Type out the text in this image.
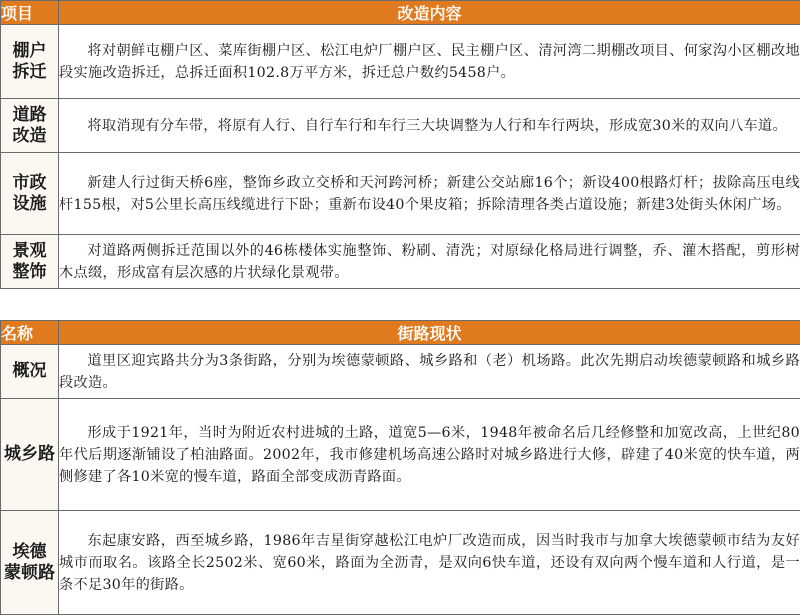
项目	改造内容

棚户
拆迁	将对朝鲜屯棚户区、菜库街棚户区、松江电炉厂棚户区、民主棚户区、清河湾二期棚改项目、何家沟小区棚改地段实施改造拆迁，总拆迁面积102.8万平方米，拆迁总户数约5458户。

道路
改造	将取消现有分车带，将原有人行、自行车行和车行三大块调整为人行和车行两块，形成宽30米的双向八车道。

市政
设施	新建人行过街天桥6座，整饰乡政立交桥和天河跨河桥；新建公交站廊16个；新设400根路灯杆；拔除高压电线杆155根，对5公里长高压线缆进行下卧；重新布设40个果皮箱；拆除清理各类占道设施；新建3处街头休闲广场。

景观
整饰	对道路两侧拆迁范围以外的46栋楼体实施整饰、粉刷、清洗；对原绿化格局进行调整，乔、灌木搭配，剪形树木点缀，形成富有层次感的片状绿化景观带。
名称	街路现状

概况	道里区迎宾路共分为3条街路，分别为埃德蒙顿路、城乡路和（老）机场路。此次先期启动埃德蒙顿路和城乡路段改造。

城乡路	形成于1921年，当时为附近农村进城的土路，道宽5—6米，1948年被命名后几经修整和加宽改高，上世纪80年代后期逐渐铺设了柏油路面。2002年，我市修建机场高速公路时对城乡路进行大修，辟建了40米宽的快车道，两侧修建了各10米宽的慢车道，路面全部变成沥青路面。

埃德
蒙顿路	东起康安路，西至城乡路，1986年吉星街穿越松江电炉厂改造而成，因当时我市与加拿大埃德蒙顿市结为友好城市而取名。该路全长2502米、宽60米，路面为全沥青，是双向6快车道，还设有双向两个慢车道和人行道，是一条不足30年的街路。
